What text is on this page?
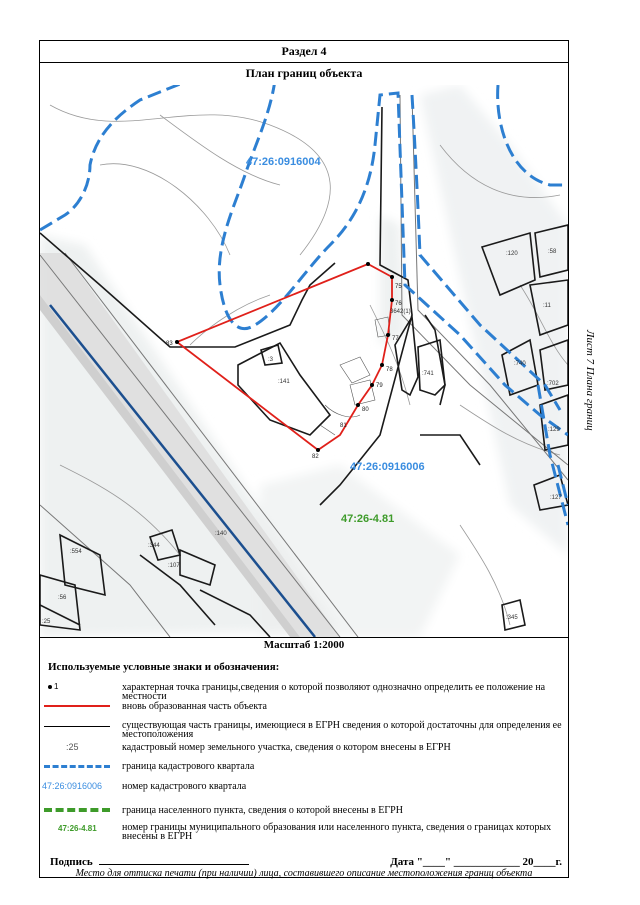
Раздел 4
План границ объекта
75
76
77
78
79
80
81
82
83
:120	:58
:11
:741
:740
:702
:129
:127
:345
:344
:107
:554
:56
:25
:140
:141
:3
3642(1)
47:26:0916004
47:26:0916006
47:26-4.81
Масштаб 1:2000
Используемые условные знаки и обозначения:
1	характерная точка границы,сведения о которой позволяют однозначно определить ее положение на местности
вновь образованная часть объекта
существующая часть границы, имеющиеся в ЕГРН сведения о которой достаточны для определения ее местоположения
:25	кадастровый номер земельного участка, сведения о котором внесены в ЕГРН
граница кадастрового квартала
47:26:0916006 номер кадастрового квартала
граница населенного пункта, сведения о которой внесены в ЕГРН
47:26-4.81	номер границы муниципального образования или населенного пункта, сведения о границах которых внесены в ЕГРН
Подпись	Дата "____" ____________ 20____г.
Место для оттиска печати (при наличии) лица, составившего описание местоположения границ объекта
Лист 7 Плана границ
